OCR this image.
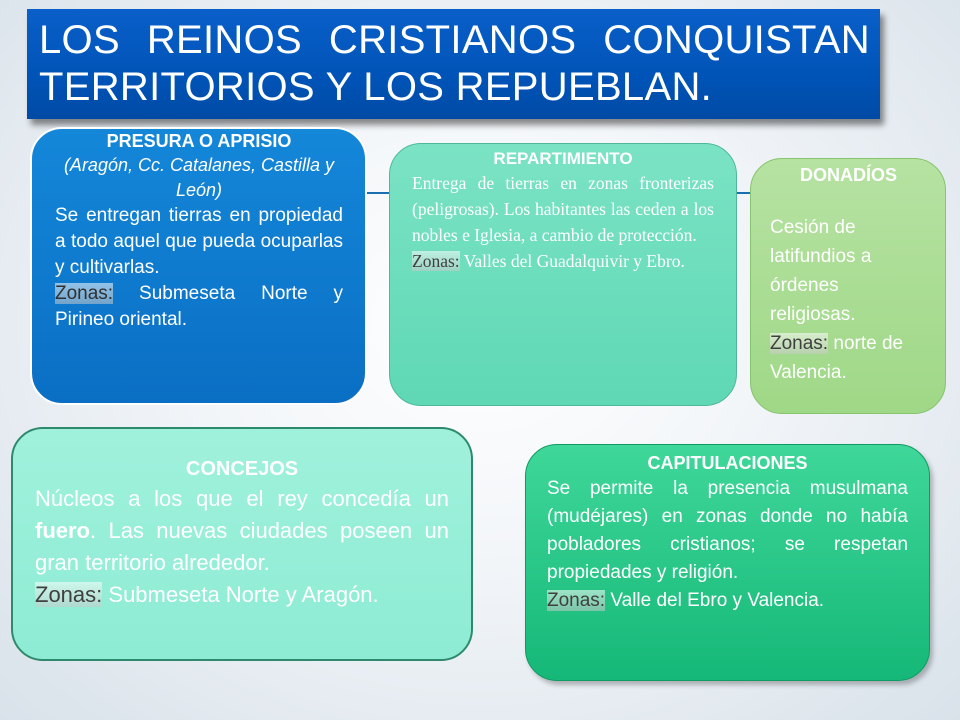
LOS REINOS CRISTIANOS CONQUISTAN
TERRITORIOS Y LOS REPUEBLAN.
PRESURA O APRISIO
(Aragón, Cc. Catalanes, Castilla y León)
Se entregan tierras en propiedad a todo aquel que pueda ocuparlas y cultivarlas.
Zonas: Submeseta Norte y Pirineo oriental.
REPARTIMIENTO
Entrega de tierras en zonas fronterizas (peligrosas). Los habitantes las ceden a los nobles e Iglesia, a cambio de protección.
Zonas: Valles del Guadalquivir y Ebro.
DONADÍOS
Cesión de latifundios a órdenes religiosas.
Zonas: norte de Valencia.
CONCEJOS
Núcleos a los que el rey concedía un fuero. Las nuevas ciudades poseen un gran territorio alrededor.
Zonas: Submeseta Norte y Aragón.
CAPITULACIONES
Se permite la presencia musulmana (mudéjares) en zonas donde no había pobladores cristianos; se respetan propiedades y religión.
Zonas: Valle del Ebro y Valencia.
